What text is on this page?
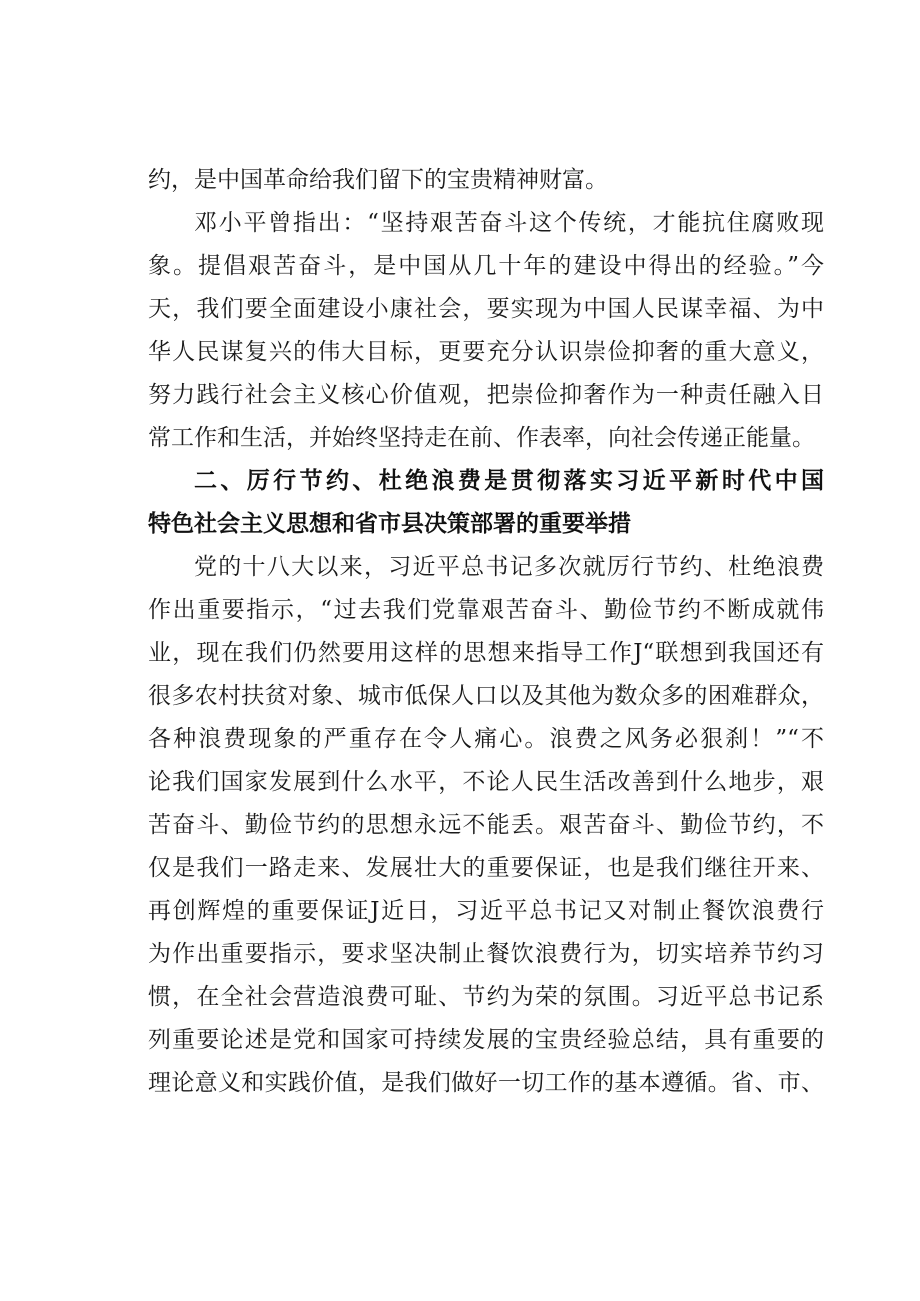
约，是中国革命给我们留下的宝贵精神财富。
邓小平曾指出：“坚持艰苦奋斗这个传统，才能抗住腐败现
象。提倡艰苦奋斗，是中国从几十年的建设中得出的经验。”今
天，我们要全面建设小康社会，要实现为中国人民谋幸福、为中
华人民谋复兴的伟大目标，更要充分认识崇俭抑奢的重大意义，
努力践行社会主义核心价值观，把崇俭抑奢作为一种责任融入日
常工作和生活，并始终坚持走在前、作表率，向社会传递正能量。
二、厉行节约、杜绝浪费是贯彻落实习近平新时代中国
特色社会主义思想和省市县决策部署的重要举措
党的十八大以来，习近平总书记多次就厉行节约、杜绝浪费
作出重要指示，“过去我们党靠艰苦奋斗、勤俭节约不断成就伟
业，现在我们仍然要用这样的思想来指导工作J“联想到我国还有
很多农村扶贫对象、城市低保人口以及其他为数众多的困难群众，
各种浪费现象的严重存在令人痛心。浪费之风务必狠刹！”“不
论我们国家发展到什么水平，不论人民生活改善到什么地步，艰
苦奋斗、勤俭节约的思想永远不能丢。艰苦奋斗、勤俭节约，不
仅是我们一路走来、发展壮大的重要保证，也是我们继往开来、
再创辉煌的重要保证J近日，习近平总书记又对制止餐饮浪费行
为作出重要指示，要求坚决制止餐饮浪费行为，切实培养节约习
惯，在全社会营造浪费可耻、节约为荣的氛围。习近平总书记系
列重要论述是党和国家可持续发展的宝贵经验总结，具有重要的
理论意义和实践价值，是我们做好一切工作的基本遵循。省、市、
